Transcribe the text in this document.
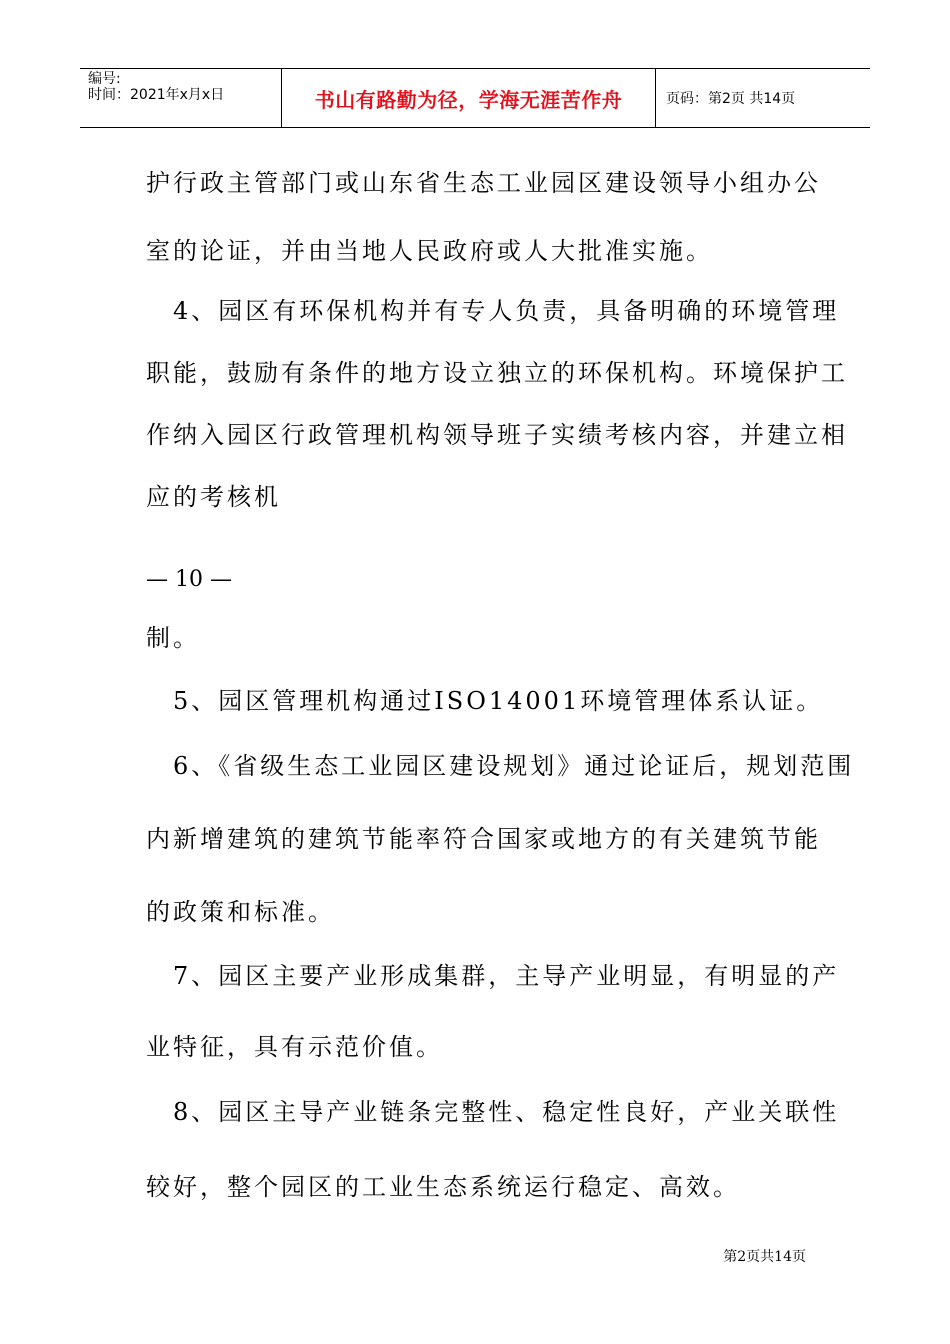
编号:
时间：2021年x月x日	书山有路勤为径，学海无涯苦作舟	页码：第2页 共14页
护行政主管部门或山东省生态工业园区建设领导小组办公
室的论证，并由当地人民政府或人大批准实施。
　4、园区有环保机构并有专人负责，具备明确的环境管理
职能，鼓励有条件的地方设立独立的环保机构。环境保护工
作纳入园区行政管理机构领导班子实绩考核内容，并建立相
应的考核机
— 10 —
制。
　5、园区管理机构通过ISO14001环境管理体系认证。
　6、《省级生态工业园区建设规划》通过论证后，规划范围
内新增建筑的建筑节能率符合国家或地方的有关建筑节能
的政策和标准。
　7、园区主要产业形成集群，主导产业明显，有明显的产
业特征，具有示范价值。
　8、园区主导产业链条完整性、稳定性良好，产业关联性
较好，整个园区的工业生态系统运行稳定、高效。
第2页共14页
